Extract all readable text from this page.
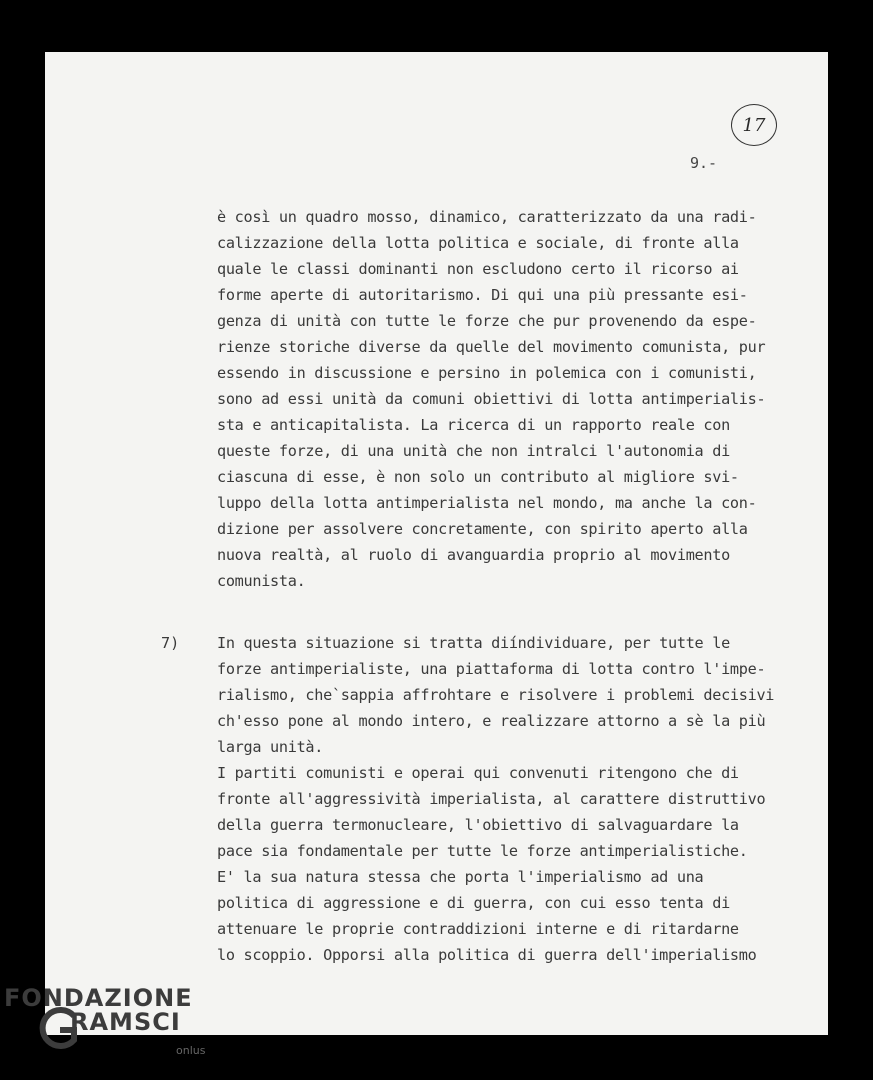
17
9.-
è così un quadro mosso, dinamico, caratterizzato da una radi-
calizzazione della lotta politica e sociale, di fronte alla
quale le classi dominanti non escludono certo il ricorso ai
forme aperte di autoritarismo. Di qui una più pressante esi-
genza di unità con tutte le forze che pur provenendo da espe-
rienze storiche diverse da quelle del movimento comunista, pur
essendo in discussione e persino in polemica con i comunisti,
sono ad essi unità da comuni obiettivi di lotta antimperialis-
sta e anticapitalista. La ricerca di un rapporto reale con
queste forze, di una unità che non intralci l'autonomia di
ciascuna di esse, è non solo un contributo al migliore svi-
luppo della lotta antimperialista nel mondo, ma anche la con-
dizione per assolvere concretamente, con spirito aperto alla
nuova realtà, al ruolo di avanguardia proprio al movimento
comunista.
7) In questa situazione si tratta diíndividuare, per tutte le
forze antimperialiste, una piattaforma di lotta contro l'impe-
rialismo, che`sappia affrohtare e risolvere i problemi decisivi
ch'esso pone al mondo intero, e realizzare attorno a sè la più
larga unità.
I partiti comunisti e operai qui convenuti ritengono che di
fronte all'aggressività imperialista, al carattere distruttivo
della guerra termonucleare, l'obiettivo di salvaguardare la
pace sia fondamentale per tutte le forze antimperialistiche.
E' la sua natura stessa che porta l'imperialismo ad una
politica di aggressione e di guerra, con cui esso tenta di
attenuare le proprie contraddizioni interne e di ritardarne
lo scoppio. Opporsi alla politica di guerra dell'imperialismo
FONDAZIONE
RAMSCI
onlus
